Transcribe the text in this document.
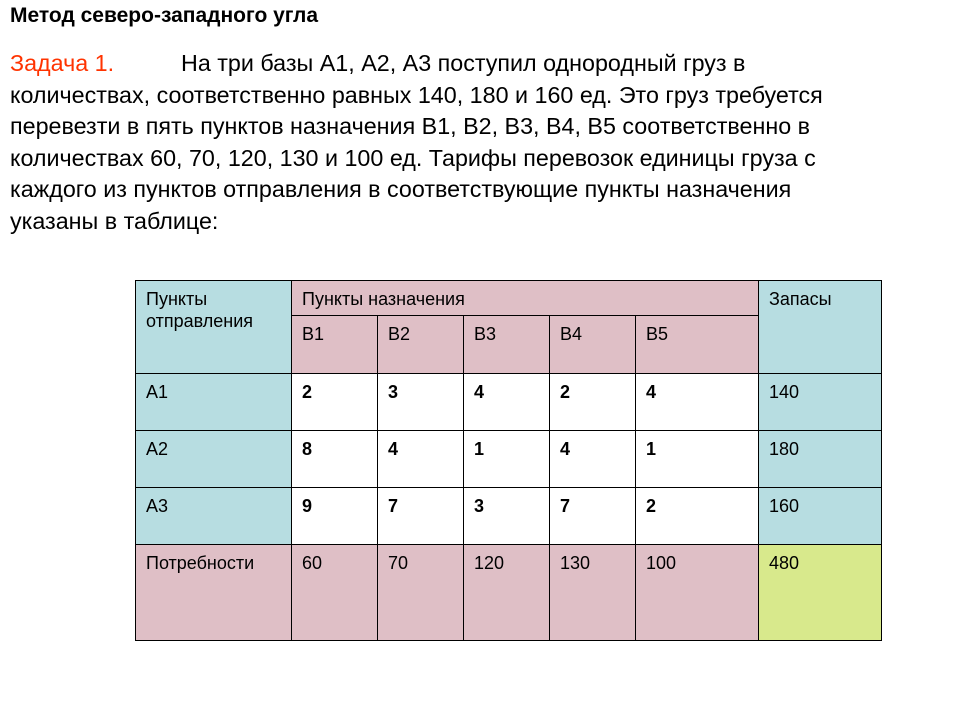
Метод северо-западного угла
Задача 1.	На три базы А1, А2, А3 поступил однородный груз в
количествах, соответственно равных 140, 180 и 160 ед. Это груз требуется
перевезти в пять пунктов назначения В1, В2, В3, В4, В5 соответственно в
количествах 60, 70, 120, 130 и 100 ед. Тарифы перевозок единицы груза с
каждого из пунктов отправления в соответствующие пункты назначения
указаны в таблице:
Пункты отправления	Пункты назначения					Запасы
	В1	В2	В3	В4	В5	
А1	2	3	4	2	4	140
А2	8	4	1	4	1	180
А3	9	7	3	7	2	160
Потребности	60	70	120	130	100	480
